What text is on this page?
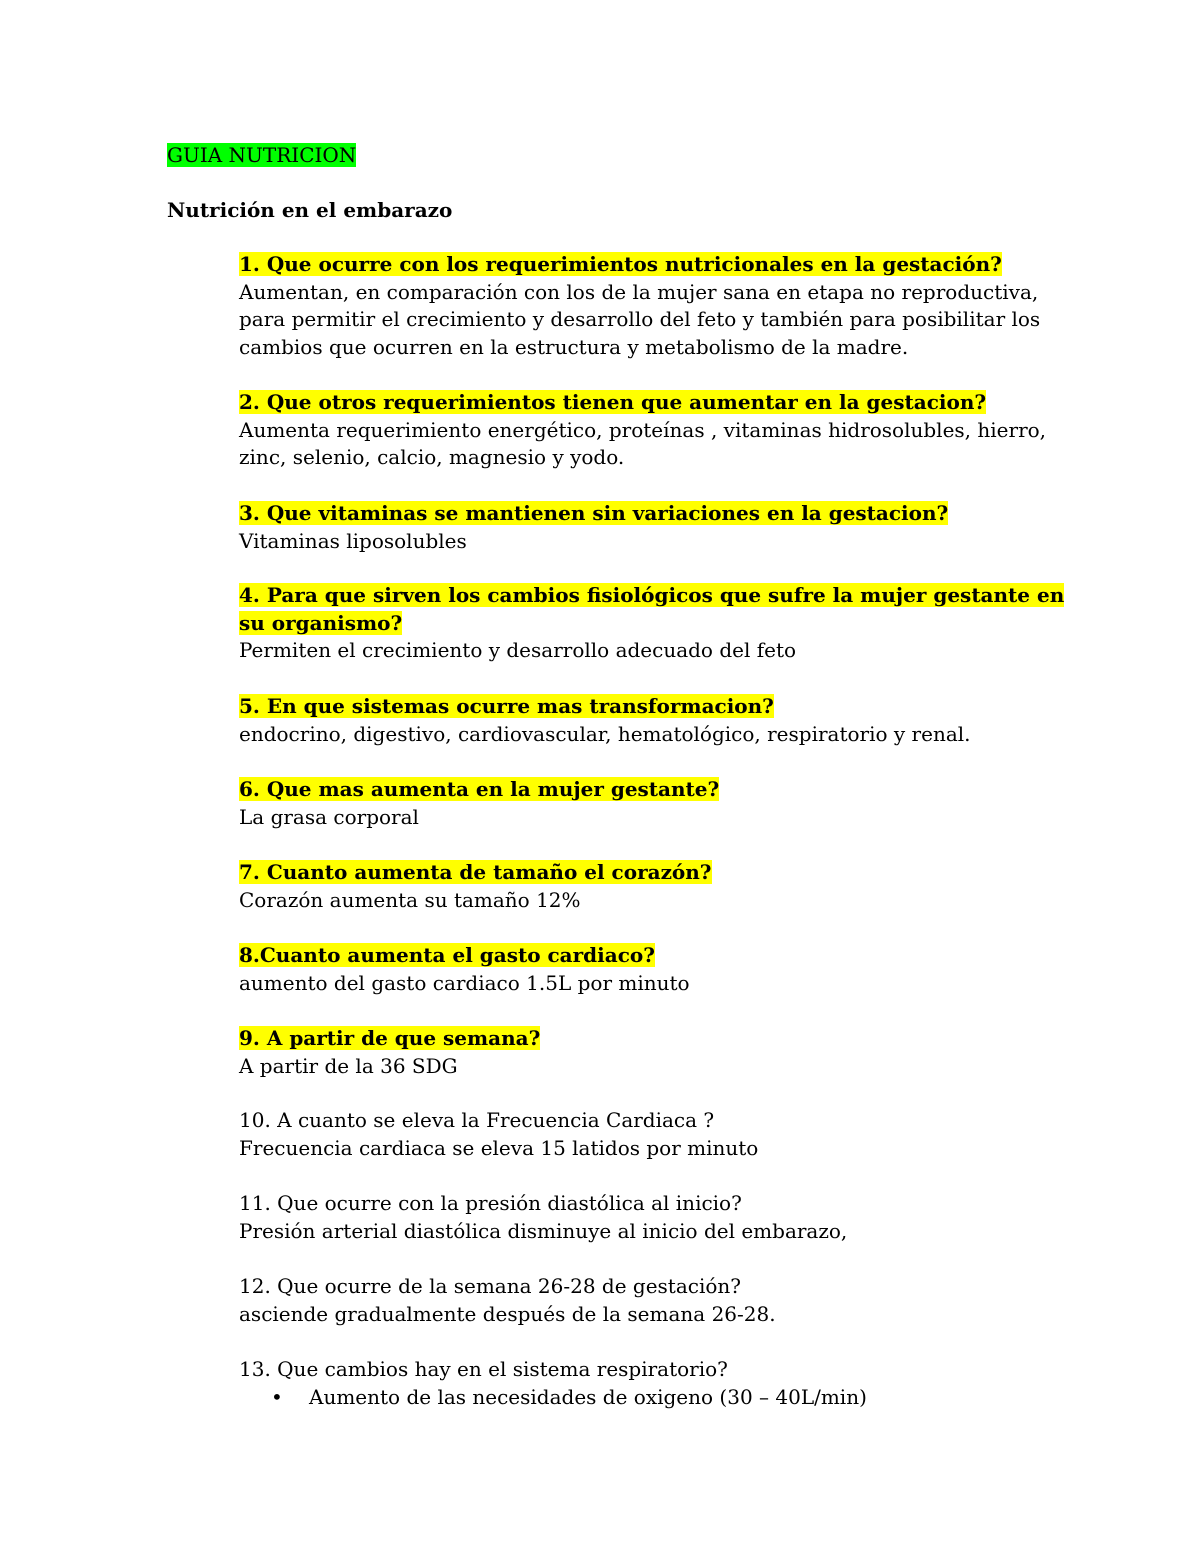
GUIA NUTRICION
Nutrición en el embarazo
1. Que ocurre con los requerimientos nutricionales en la gestación?
Aumentan, en comparación con los de la mujer sana en etapa no reproductiva, para permitir el crecimiento y desarrollo del feto y también para posibilitar los cambios que ocurren en la estructura y metabolismo de la madre.
2. Que otros requerimientos tienen que aumentar en la gestacion?
Aumenta requerimiento energético, proteínas , vitaminas hidrosolubles, hierro, zinc, selenio, calcio, magnesio y yodo.
3. Que vitaminas se mantienen sin variaciones en la gestacion?
Vitaminas liposolubles
4. Para que sirven los cambios fisiológicos que sufre la mujer gestante en su organismo?
Permiten el crecimiento y desarrollo adecuado del feto
5. En que sistemas ocurre mas transformacion?
endocrino, digestivo, cardiovascular, hematológico, respiratorio y renal.
6. Que mas aumenta en la mujer gestante?
La grasa corporal
7. Cuanto aumenta de tamaño el corazón?
Corazón aumenta su tamaño 12%
8.Cuanto aumenta el gasto cardiaco?
aumento del gasto cardiaco 1.5L por minuto
9. A partir de que semana?
A partir de la 36 SDG
10. A cuanto se eleva la Frecuencia Cardiaca ?
Frecuencia cardiaca se eleva 15 latidos por minuto
11. Que ocurre con la presión diastólica al inicio?
Presión arterial diastólica disminuye al inicio del embarazo,
12. Que ocurre de la semana 26-28 de gestación?
asciende gradualmente después de la semana 26-28.
13. Que cambios hay en el sistema respiratorio?
• Aumento de las necesidades de oxigeno (30 – 40L/min)
